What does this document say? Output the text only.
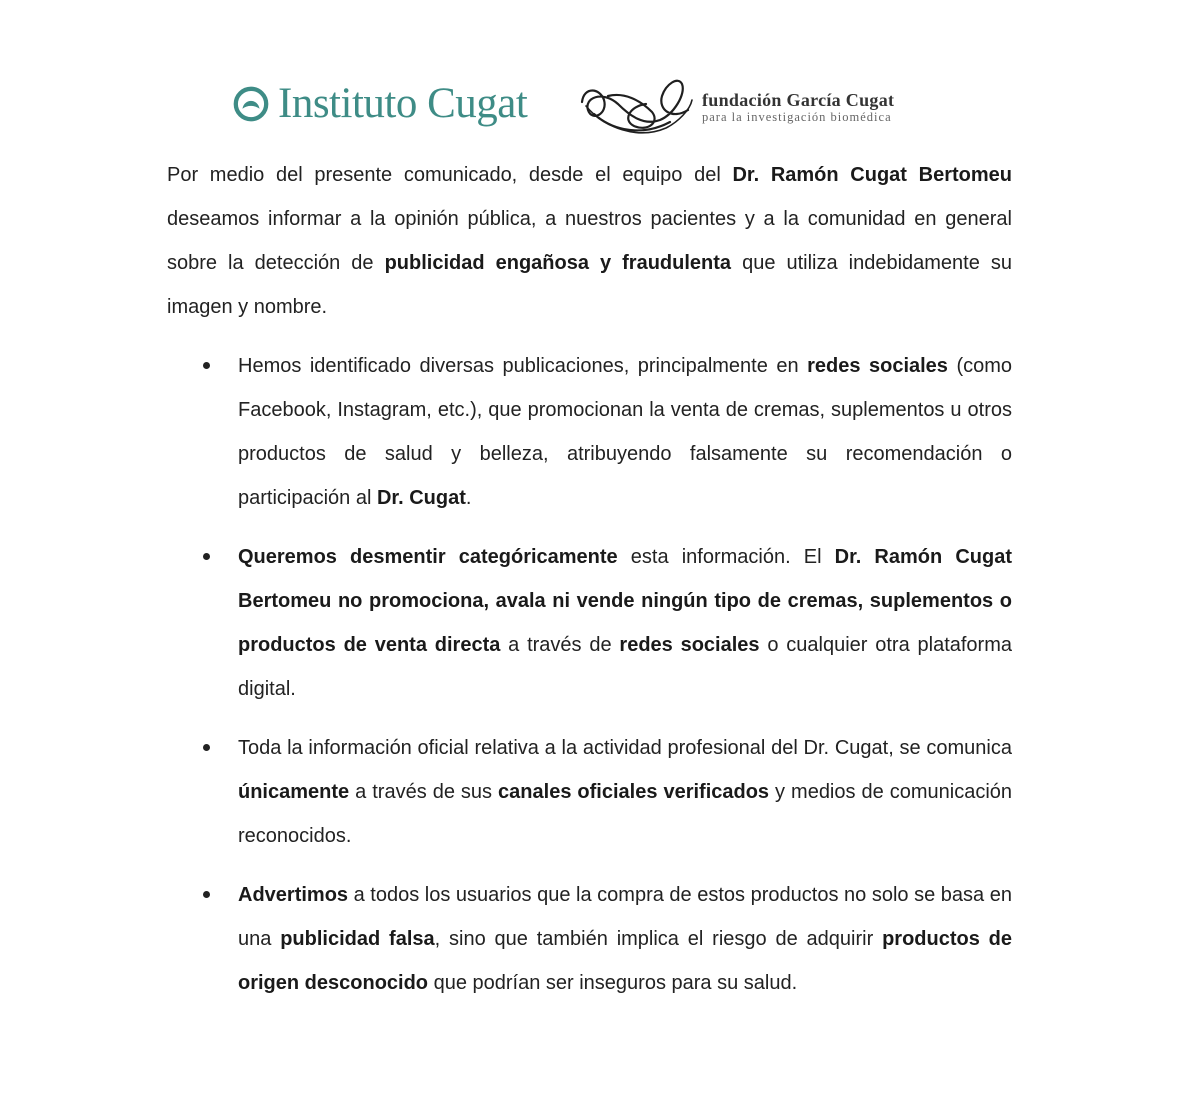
Instituto Cugat	fundación García Cugat
para la investigación biomédica

Por medio del presente comunicado, desde el equipo del Dr. Ramón Cugat Bertomeu deseamos informar a la opinión pública, a nuestros pacientes y a la comunidad en general sobre la detección de publicidad engañosa y fraudulenta que utiliza indebidamente su imagen y nombre.

Hemos identificado diversas publicaciones, principalmente en redes sociales (como Facebook, Instagram, etc.), que promocionan la venta de cremas, suplementos u otros productos de salud y belleza, atribuyendo falsamente su recomendación o participación al Dr. Cugat.
Queremos desmentir categóricamente esta información. El Dr. Ramón Cugat Bertomeu no promociona, avala ni vende ningún tipo de cremas, suplementos o productos de venta directa a través de redes sociales o cualquier otra plataforma digital.
Toda la información oficial relativa a la actividad profesional del Dr. Cugat, se comunica únicamente a través de sus canales oficiales verificados y medios de comunicación reconocidos.
Advertimos a todos los usuarios que la compra de estos productos no solo se basa en una publicidad falsa, sino que también implica el riesgo de adquirir productos de origen desconocido que podrían ser inseguros para su salud.
